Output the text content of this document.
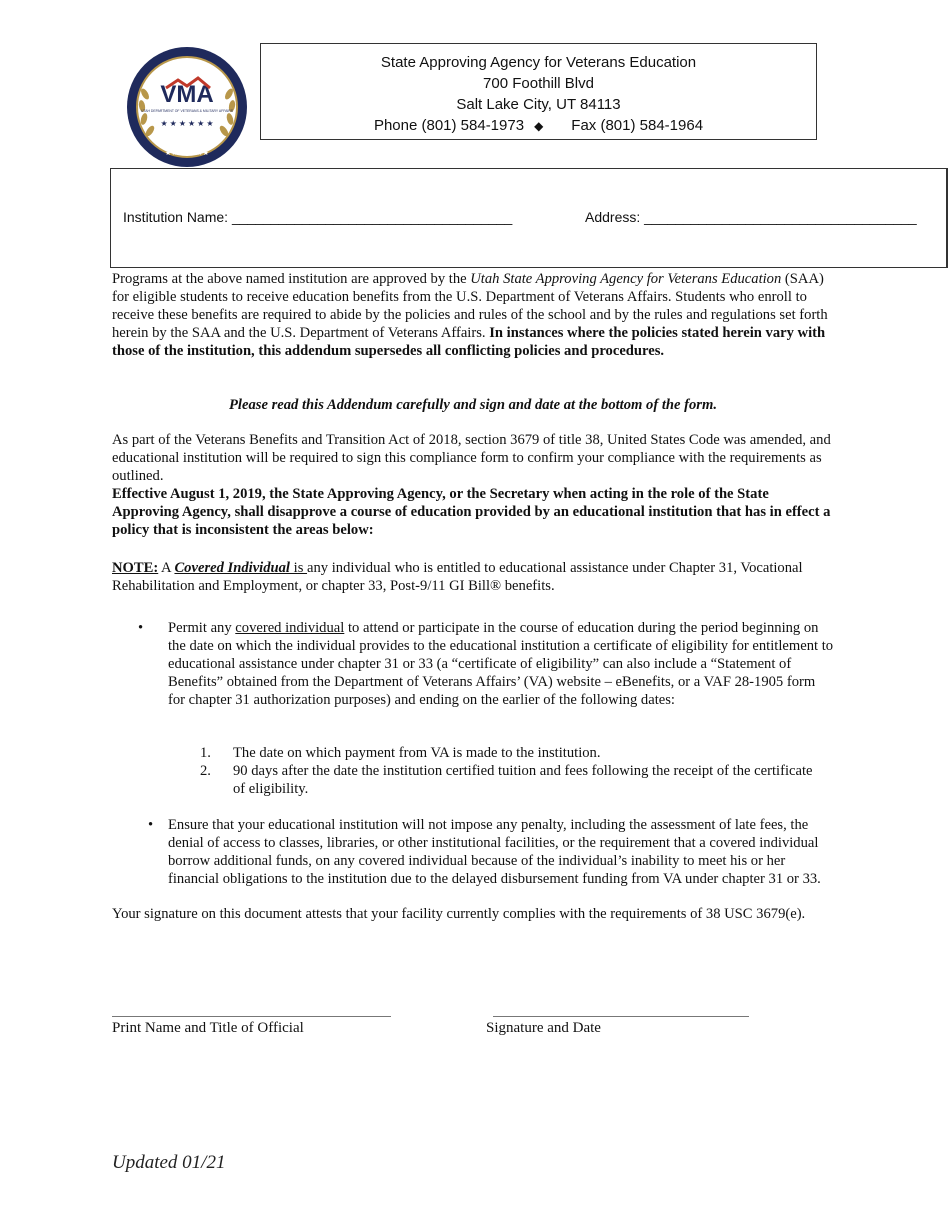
VMA
UTAH DEPARTMENT OF VETERANS & MILITARY AFFAIRS
★ ★ ★ ★ ★ ★
★★★★★★★
State Approving Agency for Veterans Education
700 Foothill Blvd
Salt Lake City, UT 84113
Phone (801) 584-1973 ◆ Fax (801) 584-1964
Institution Name: ____________________________________	Address: ___________________________________

Programs at the above named institution are approved by the Utah State Approving Agency for Veterans Education (SAA) for eligible students to receive education benefits from the U.S. Department of Veterans Affairs. Students who enroll to receive these benefits are required to abide by the policies and rules of the school and by the rules and regulations set forth herein by the SAA and the U.S. Department of Veterans Affairs. In instances where the policies stated herein vary with those of the institution, this addendum supersedes all conflicting policies and procedures.

Please read this Addendum carefully and sign and date at the bottom of the form.

As part of the Veterans Benefits and Transition Act of 2018, section 3679 of title 38, United States Code was amended, and educational institution will be required to sign this compliance form to confirm your compliance with the requirements as outlined.

Effective August 1, 2019, the State Approving Agency, or the Secretary when acting in the role of the State Approving Agency, shall disapprove a course of education provided by an educational institution that has in effect a policy that is inconsistent the areas below:

NOTE: A Covered Individual is any individual who is entitled to educational assistance under Chapter 31, Vocational Rehabilitation and Employment, or chapter 33, Post-9/11 GI Bill® benefits.

• Permit any covered individual to attend or participate in the course of education during the period beginning on the date on which the individual provides to the educational institution a certificate of eligibility for entitlement to educational assistance under chapter 31 or 33 (a “certificate of eligibility” can also include a “Statement of Benefits” obtained from the Department of Veterans Affairs’ (VA) website – eBenefits, or a VAF 28-1905 form for chapter 31 authorization purposes) and ending on the earlier of the following dates:
1. The date on which payment from VA is made to the institution.
2. 90 days after the date the institution certified tuition and fees following the receipt of the certificate of eligibility.
• Ensure that your educational institution will not impose any penalty, including the assessment of late fees, the denial of access to classes, libraries, or other institutional facilities, or the requirement that a covered individual borrow additional funds, on any covered individual because of the individual’s inability to meet his or her financial obligations to the institution due to the delayed disbursement funding from VA under chapter 31 or 33.
Your signature on this document attests that your facility currently complies with the requirements of 38 USC 3679(e).
Print Name and Title of Official	Signature and Date
Updated 01/21
